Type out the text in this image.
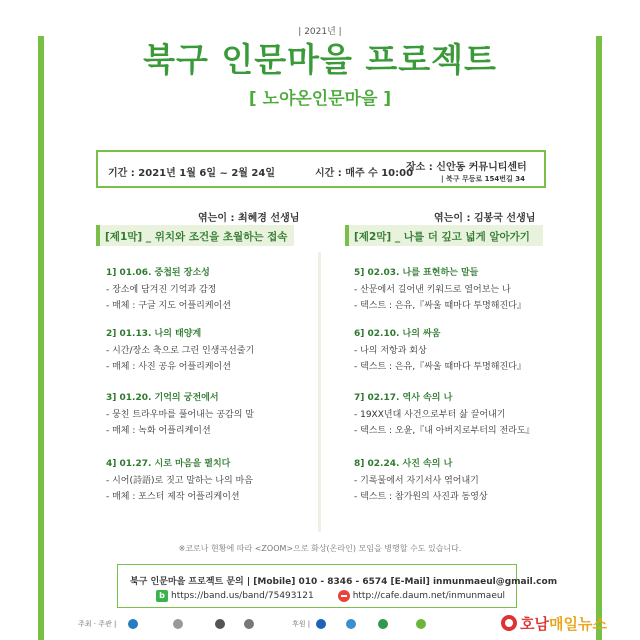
| 2021년 |
북구 인문마을 프로젝트
[ 노야온인문마을 ]
기간 : 2021년 1월 6일 ~ 2월 24일	시간 : 매주 수 10:00
장소 : 신안동 커뮤니티센터
| 북구 무등로 154번길 34
엮는이 : 최혜경 선생님	엮는이 : 김봉국 선생님
[제1막] _ 위치와 조건을 초월하는 접속	[제2막] _ 나를 더 깊고 넓게 알아가기
1] 01.06. 중첩된 장소성
- 장소에 담겨진 기억과 감정
- 매체 : 구글 지도 어플리케이션
2] 01.13. 나의 태양계
- 시간/장소 축으로 그린 인생곡선줄기
- 매체 : 사진 공유 어플리케이션
3] 01.20. 기억의 궁전에서
- 뭉친 트라우마를 풀어내는 공감의 말
- 매체 : 녹화 어플리케이션
4] 01.27. 시로 마음을 펼치다
- 시어(詩語)로 짓고 말하는 나의 마음
- 매체 : 포스터 제작 어플리케이션
5] 02.03. 나를 표현하는 말들
- 산문에서 길어낸 키워드로 열어보는 나
- 텍스트 : 은유,『싸울 때마다 투명해진다』
6] 02.10. 나의 싸움
- 나의 저항과 회상
- 텍스트 : 은유,『싸울 때마다 투명해진다』
7] 02.17. 역사 속의 나
- 19XX년대 사건으로부터 삶 끌어내기
- 텍스트 : 오윤,『내 아버지로부터의 전라도』
8] 02.24. 사진 속의 나
- 기록물에서 자기서사 엮어내기
- 텍스트 : 참가원의 사진과 동영상
※코로나 현황에 따라 <ZOOM>으로 화상(온라인) 모임을 병행할 수도 있습니다.
북구 인문마을 프로젝트 문의 | [Mobile] 010 - 8346 - 6574 [E-Mail] inmunmaeul@gmail.com
b https://band.us/band/75493121	http://cafe.daum.net/inmunmaeul
주최 · 주관 |	후원 |	호남 매일뉴스
